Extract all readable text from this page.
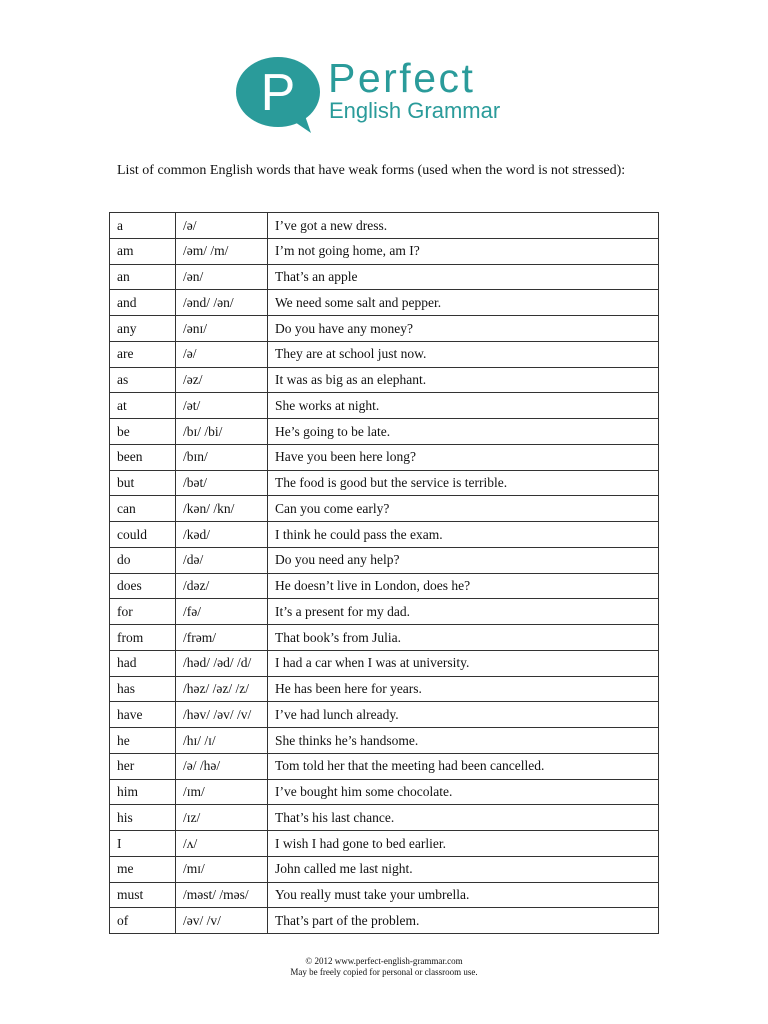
P Perfect
English Grammar
List of common English words that have weak forms (used when the word is not stressed):
a	/ə/	I’ve got a new dress.
am	/əm/ /m/	I’m not going home, am I?
an	/ən/	That’s an apple
and	/ənd/ /ən/	We need some salt and pepper.
any	/ənɪ/	Do you have any money?
are	/ə/	They are at school just now.
as	/əz/	It was as big as an elephant.
at	/ət/	She works at night.
be	/bɪ/ /bi/	He’s going to be late.
been	/bɪn/	Have you been here long?
but	/bət/	The food is good but the service is terrible.
can	/kən/ /kn/	Can you come early?
could	/kəd/	I think he could pass the exam.
do	/də/	Do you need any help?
does	/dəz/	He doesn’t live in London, does he?
for	/fə/	It’s a present for my dad.
from	/frəm/	That book’s from Julia.
had	/həd/ /əd/ /d/	I had a car when I was at university.
has	/həz/ /əz/ /z/	He has been here for years.
have	/həv/ /əv/ /v/	I’ve had lunch already.
he	/hɪ/ /ɪ/	She thinks he’s handsome.
her	/ə/ /hə/	Tom told her that the meeting had been cancelled.
him	/ɪm/	I’ve bought him some chocolate.
his	/ɪz/	That’s his last chance.
I	/ʌ/	I wish I had gone to bed earlier.
me	/mɪ/	John called me last night.
must	/məst/ /məs/	You really must take your umbrella.
of	/əv/ /v/	That’s part of the problem.
© 2012 www.perfect-english-grammar.com
May be freely copied for personal or classroom use.
